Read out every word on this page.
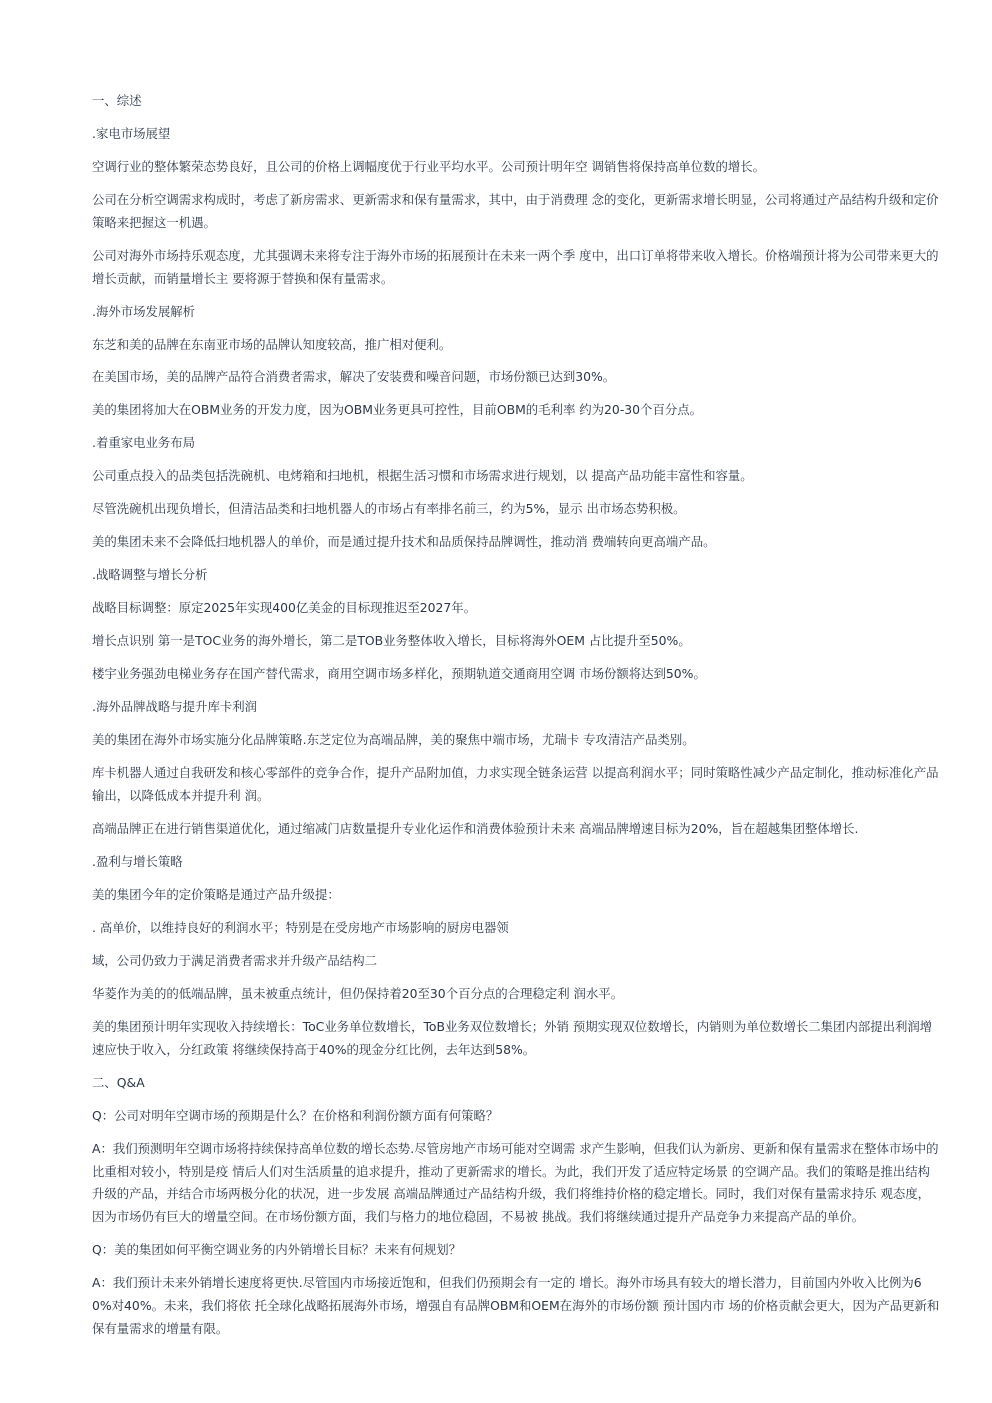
一、综述

.家电市场展望

空调行业的整体繁荣态势良好，且公司的价格上调幅度优于行业平均水平。公司预计明年空 调销售将保持高单位数的增长。

公司在分析空调需求构成时，考虑了新房需求、更新需求和保有量需求，其中，由于消费理 念的变化，更新需求增长明显，公司将通过产品结构升级和定价策略来把握这一机遇。

公司对海外市场持乐观态度，尤其强调未来将专注于海外市场的拓展预计在未来一两个季 度中，出口订单将带来收入增长。价格端预计将为公司带来更大的增长贡献，而销量增长主 要将源于替换和保有量需求。

.海外市场发展解析

东芝和美的品牌在东南亚市场的品牌认知度较高，推广相对便利。

在美国市场，美的品牌产品符合消费者需求，解决了安装费和噪音问题，市场份额已达到30%。

美的集团将加大在OBM业务的开发力度，因为OBM业务更具可控性，目前OBM的毛利率 约为20-30个百分点。

.着重家电业务布局

公司重点投入的品类包括洗碗机、电烤箱和扫地机，根据生活习惯和市场需求进行规划，以 提高产品功能丰富性和容量。

尽管洗碗机出现负增长，但清洁品类和扫地机器人的市场占有率排名前三，约为5%，显示 出市场态势积极。

美的集团未来不会降低扫地机器人的单价，而是通过提升技术和品质保持品牌调性，推动消 费端转向更高端产品。

.战略调整与增长分析

战略目标调整：原定2025年实现400亿美金的目标现推迟至2027年。

增长点识别 第一是TOC业务的海外增长，第二是TOB业务整体收入增长，目标将海外OEM 占比提升至50%。

楼宇业务强劲电梯业务存在国产替代需求，商用空调市场多样化，预期轨道交通商用空调 市场份额将达到50%。

.海外品牌战略与提升库卡利润

美的集团在海外市场实施分化品牌策略.东芝定位为高端品牌，美的聚焦中端市场，尤瑞卡 专攻清洁产品类别。

库卡机器人通过自我研发和核心零部件的竞争合作，提升产品附加值，力求实现全链条运营 以提高利润水平；同时策略性减少产品定制化，推动标准化产品输出，以降低成本并提升利 润。

高端品牌正在进行销售渠道优化，通过缩减门店数量提升专业化运作和消费体验预计未来 高端品牌增速目标为20%，旨在超越集团整体增长.

.盈利与增长策略

美的集团今年的定价策略是通过产品升级提：

. 高单价，以维持良好的利润水平；特别是在受房地产市场影响的厨房电器领

域，公司仍致力于满足消费者需求并升级产品结构二

华菱作为美的的低端品牌，虽未被重点统计，但仍保持着20至30个百分点的合理稳定利 润水平。

美的集团预计明年实现收入持续增长：ToC业务单位数增长，ToB业务双位数增长；外销 预期实现双位数增长，内销则为单位数增长二集团内部提出利润增速应快于收入，分红政策 将继续保持高于40%的现金分红比例，去年达到58%。

二、Q&A

Q：公司对明年空调市场的预期是什么？在价格和利润份额方面有何策略？

A：我们预测明年空调市场将持续保持高单位数的增长态势.尽管房地产市场可能对空调需 求产生影响，但我们认为新房、更新和保有量需求在整体市场中的比重相对较小，特别是疫 情后人们对生活质量的追求提升，推动了更新需求的增长。为此，我们开发了适应特定场景 的空调产品。我们的策略是推出结构升级的产品，并结合市场两极分化的状况，进一步发展 高端品牌通过产品结构升级，我们将维持价格的稳定增长。同时，我们对保有量需求持乐 观态度，因为市场仍有巨大的增量空间。在市场份额方面，我们与格力的地位稳固，不易被 挑战。我们将继续通过提升产品竞争力来提高产品的单价。

Q：美的集团如何平衡空调业务的内外销增长目标？未来有何规划？

A：我们预计未来外销增长速度将更快.尽管国内市场接近饱和，但我们仍预期会有一定的 增长。海外市场具有较大的增长潜力，目前国内外收入比例为60%对40%。未来，我们将依 托全球化战略拓展海外市场，增强自有品牌OBM和OEM在海外的市场份额 预计国内市 场的价格贡献会更大，因为产品更新和保有量需求的增量有限。
